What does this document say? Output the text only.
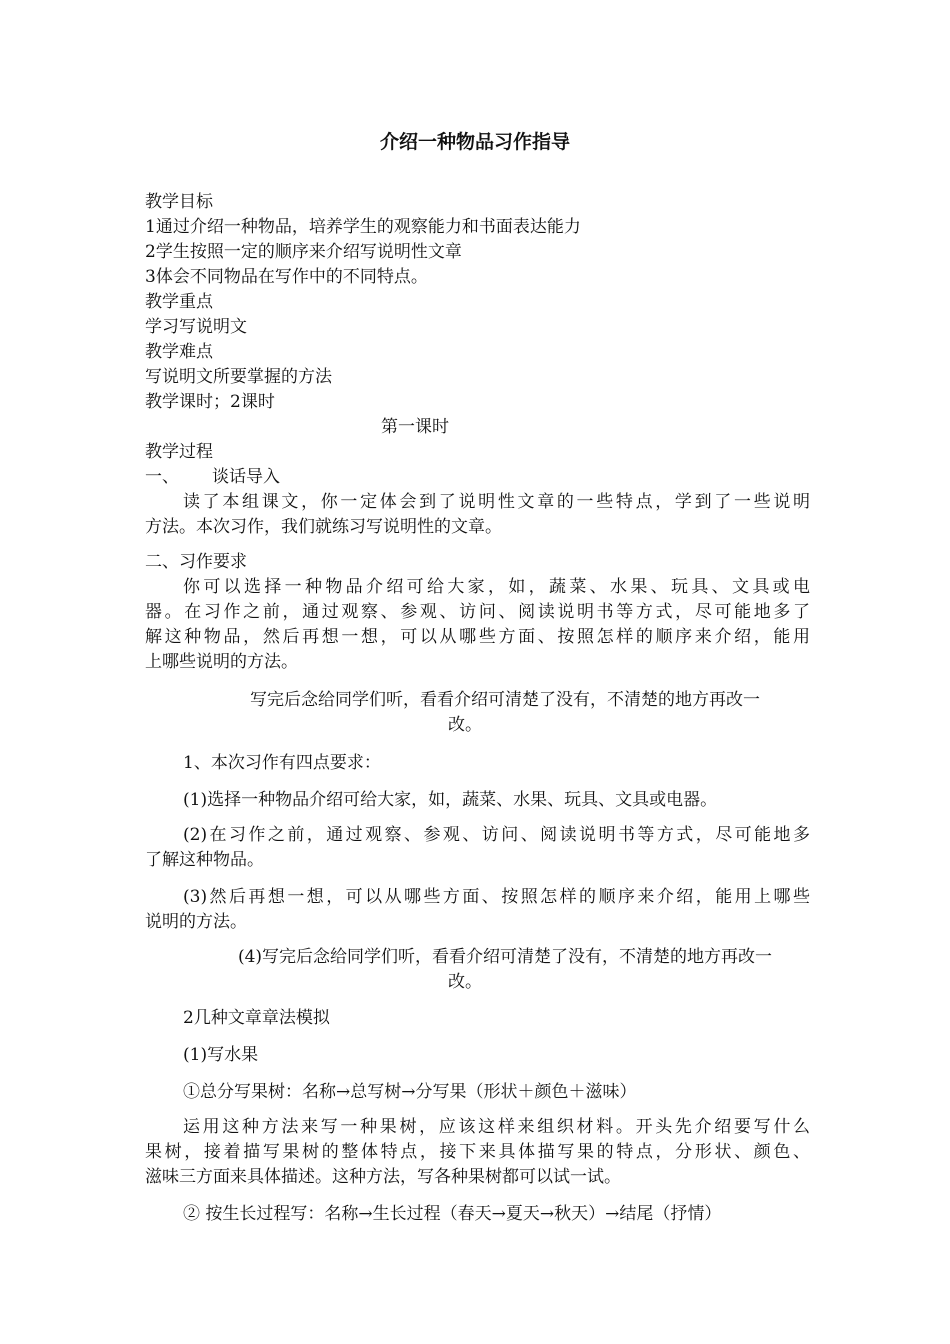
介绍一种物品习作指导
教学目标
1通过介绍一种物品，培养学生的观察能力和书面表达能力
2学生按照一定的顺序来介绍写说明性文章
3体会不同物品在写作中的不同特点。
教学重点
学习写说明文
教学难点
写说明文所要掌握的方法
教学课时；2课时
第一课时
教学过程
一、 谈话导入
读了本组课文，你一定体会到了说明性文章的一些特点，学到了一些说明
方法。本次习作，我们就练习写说明性的文章。
二、习作要求
你可以选择一种物品介绍可给大家，如，蔬菜、水果、玩具、文具或电
器。在习作之前，通过观察、参观、访问、阅读说明书等方式，尽可能地多了
解这种物品，然后再想一想，可以从哪些方面、按照怎样的顺序来介绍，能用
上哪些说明的方法。
写完后念给同学们听，看看介绍可清楚了没有，不清楚的地方再改一
改。
1、本次习作有四点要求：
(1)选择一种物品介绍可给大家，如，蔬菜、水果、玩具、文具或电器。
(2)在习作之前，通过观察、参观、访问、阅读说明书等方式，尽可能地多
了解这种物品。
(3)然后再想一想，可以从哪些方面、按照怎样的顺序来介绍，能用上哪些
说明的方法。
(4)写完后念给同学们听，看看介绍可清楚了没有，不清楚的地方再改一
改。
2几种文章章法模拟
(1)写水果
①总分写果树：名称→总写树→分写果（形状＋颜色＋滋味）
运用这种方法来写一种果树，应该这样来组织材料。开头先介绍要写什么
果树，接着描写果树的整体特点，接下来具体描写果的特点，分形状、颜色、
滋味三方面来具体描述。这种方法，写各种果树都可以试一试。
② 按生长过程写：名称→生长过程（春天→夏天→秋天）→结尾（抒情）
